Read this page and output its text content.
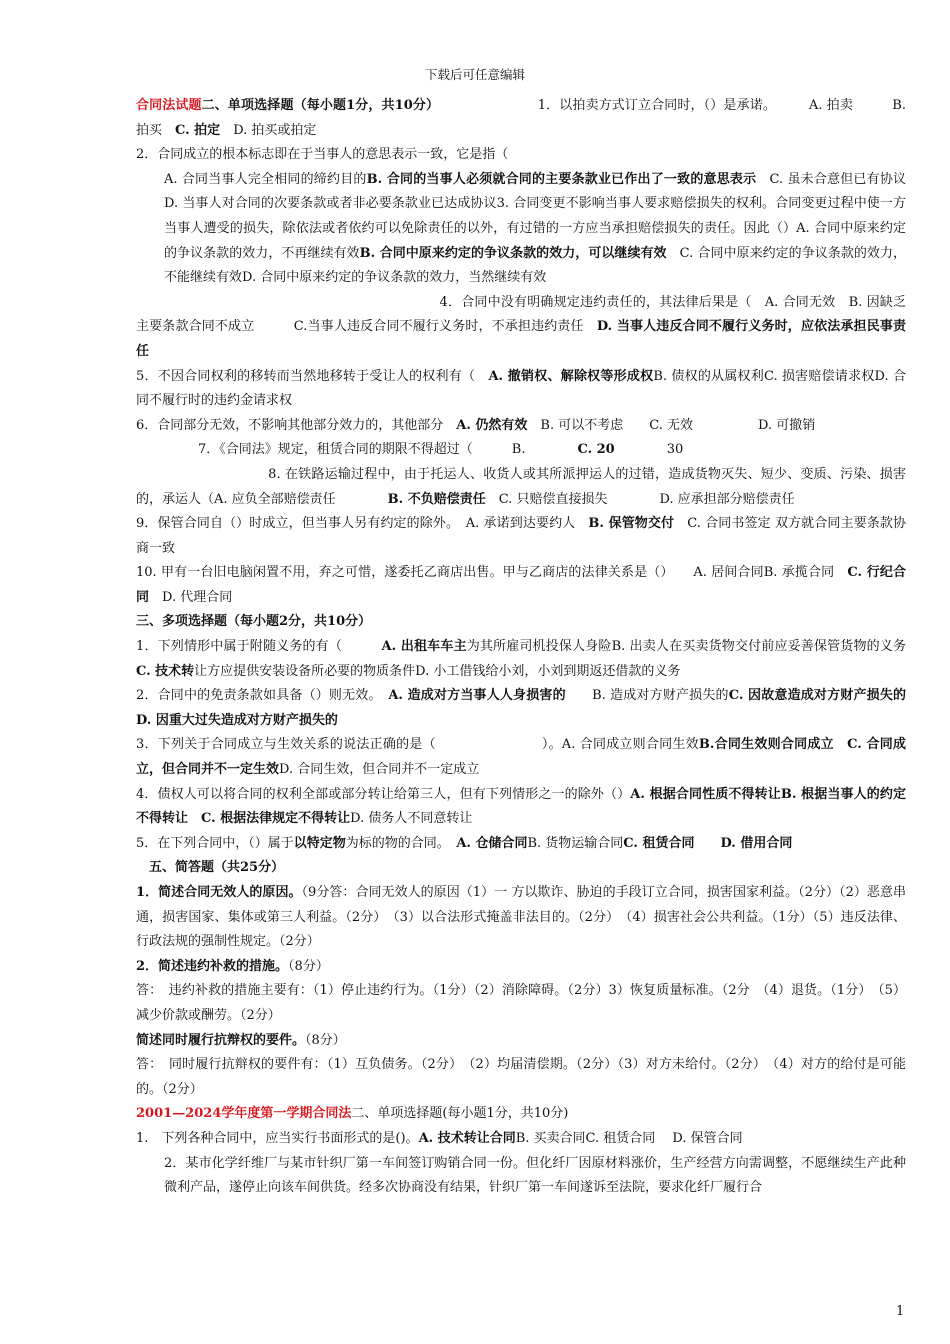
下载后可任意编辑

合同法试题二、单项选择题（每小题1分，共10分）　　　　　　　　1．以拍卖方式订立合同时，（）是承诺。　　　A. 拍卖　　　B. 拍买　C. 拍定　D. 拍买或拍定

2．合同成立的根本标志即在于当事人的意思表示一致，它是指（

A. 合同当事人完全相同的缔约目的B. 合同的当事人必须就合同的主要条款业已作出了一致的意思表示　C. 虽未合意但已有协议D. 当事人对合同的次要条款或者非必要条款业已达成协议3. 合同变更不影响当事人要求赔偿损失的权利。合同变更过程中使一方当事人遭受的损失，除依法或者依约可以免除责任的以外，有过错的一方应当承担赔偿损失的责任。因此（）A. 合同中原来约定的争议条款的效力，不再继续有效B. 合同中原来约定的争议条款的效力，可以继续有效　C. 合同中原来约定的争议条款的效力，不能继续有效D. 合同中原来约定的争议条款的效力，当然继续有效

　　　　　　　　　　　　　　　　　　　　　　　4．合同中没有明确规定违约责任的，其法律后果是（　A. 合同无效　B. 因缺乏主要条款合同不成立　　　C.当事人违反合同不履行义务时，不承担违约责任　D. 当事人违反合同不履行义务时，应依法承担民事责任

5．不因合同权利的移转而当然地移转于受让人的权利有（　A. 撤销权、解除权等形成权B. 债权的从属权利C. 损害赔偿请求权D. 合同不履行时的违约金请求权

6．合同部分无效，不影响其他部分效力的，其他部分　A. 仍然有效　B. 可以不考虑　　C. 无效　　　　　D. 可撤销

7．《合同法》规定，租赁合同的期限不得超过（　　　B.　　　　C. 20　　　　30

　　　　　　　　　　8. 在铁路运输过程中，由于托运人、收货人或其所派押运人的过错，造成货物灭失、短少、变质、污染、损害的，承运人（A. 应负全部赔偿责任　　　　B. 不负赔偿责任　C. 只赔偿直接损失　　　　D. 应承担部分赔偿责任

9．保管合同自（）时成立，但当事人另有约定的除外。　A. 承诺到达要约人　B. 保管物交付　C. 合同书签定 双方就合同主要条款协商一致

10. 甲有一台旧电脑闲置不用，弃之可惜，遂委托乙商店出售。甲与乙商店的法律关系是（）　　A. 居间合同B. 承揽合同　C. 行纪合同　D. 代理合同

三、多项选择题（每小题2分，共10分）

1．下列情形中属于附随义务的有（　　　A. 出租车车主为其所雇司机投保人身险B. 出卖人在买卖货物交付前应妥善保管货物的义务C. 技术转让方应提供安装设备所必要的物质条件D. 小工借钱给小刘，小刘到期返还借款的义务

2．合同中的免责条款如具备（）则无效。　A. 造成对方当事人人身损害的　　B. 造成对方财产损失的C. 因故意造成对方财产损失的　　D. 因重大过失造成对方财产损失的

3．下列关于合同成立与生效关系的说法正确的是（　　　　　　　　）。A. 合同成立则合同生效B.合同生效则合同成立　C. 合同成立，但合同并不一定生效D. 合同生效，但合同并不一定成立

4．债权人可以将合同的权利全部或部分转让给第三人，但有下列情形之一的除外（）A. 根据合同性质不得转让B. 根据当事人的约定不得转让　C. 根据法律规定不得转让D. 债务人不同意转让

5．在下列合同中，（）属于以特定物为标的物的合同。　A. 仓储合同B. 货物运输合同C. 租赁合同　　D. 借用合同

　五、简答题（共25分）

1．简述合同无效人的原因。（9分答：合同无效人的原因（1）一 方以欺诈、胁迫的手段订立合同，损害国家利益。（2分）（2）恶意串通，损害国家、集体或第三人利益。（2分）　（3）以合法形式掩盖非法目的。（2分）　（4）损害社会公共利益。（1分）（5）违反法律、行政法规的强制性规定。（2分）

2．简述违约补救的措施。（8分）

答：　违约补救的措施主要有：（1）停止违约行为。（1分）（2）消除障碍。（2分）3）恢复质量标准。（2分　（4）退货。（1分）　（5）减少价款或酬劳。（2分）

简述同时履行抗辩权的要件。（8分）

答：　同时履行抗辩权的要件有：（1）互负债务。（2分）　（2）均届清偿期。（2分）（3）对方未给付。（2分）　（4）对方的给付是可能的。（2分）

2001—2024学年度第一学期合同法二、单项选择题(每小题1分，共10分)

1.　下列各种合同中，应当实行书面形式的是()。A. 技术转让合同B. 买卖合同C. 租赁合同　 D. 保管合同

2．某市化学纤维厂与某市针织厂第一车间签订购销合同一份。但化纤厂因原材料涨价，生产经营方向需调整，不愿继续生产此种微利产品，遂停止向该车间供货。经多次协商没有结果，针织厂第一车间遂诉至法院，要求化纤厂履行合

1
